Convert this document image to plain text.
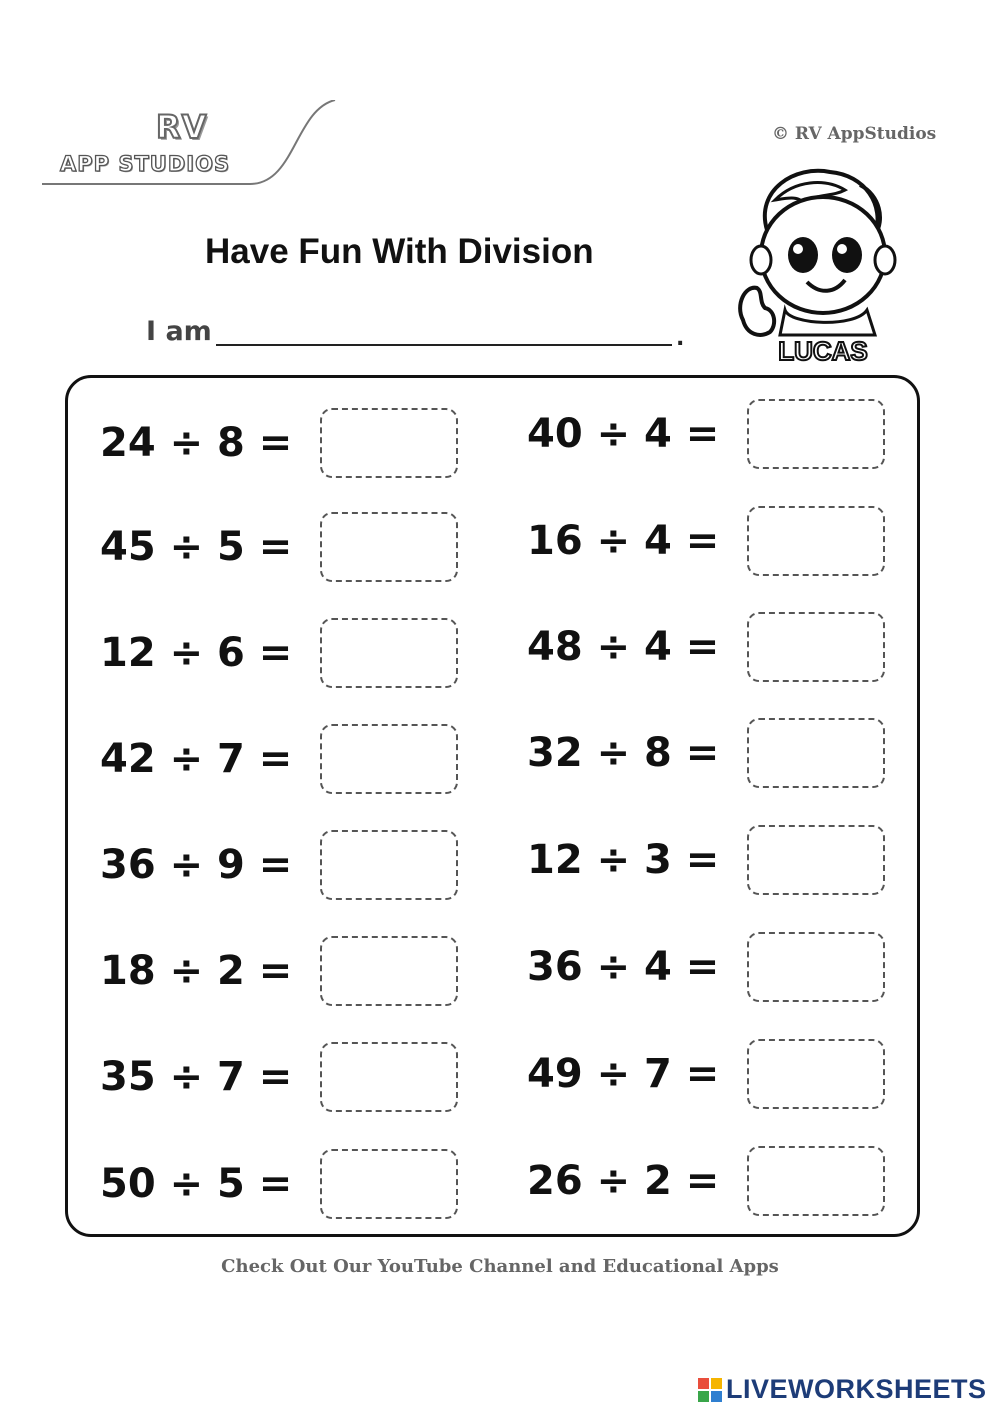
RV
APP STUDIOS
© RV AppStudios
LUCAS
Have Fun With Division
I am	.
24 ÷ 8 =	40 ÷ 4 =
45 ÷ 5 =	16 ÷ 4 =
12 ÷ 6 =	48 ÷ 4 =
42 ÷ 7 =	32 ÷ 8 =
36 ÷ 9 =	12 ÷ 3 =
18 ÷ 2 =	36 ÷ 4 =
35 ÷ 7 =	49 ÷ 7 =
50 ÷ 5 =	26 ÷ 2 =
Check Out Our YouTube Channel and Educational Apps
LIVEWORKSHEETS
